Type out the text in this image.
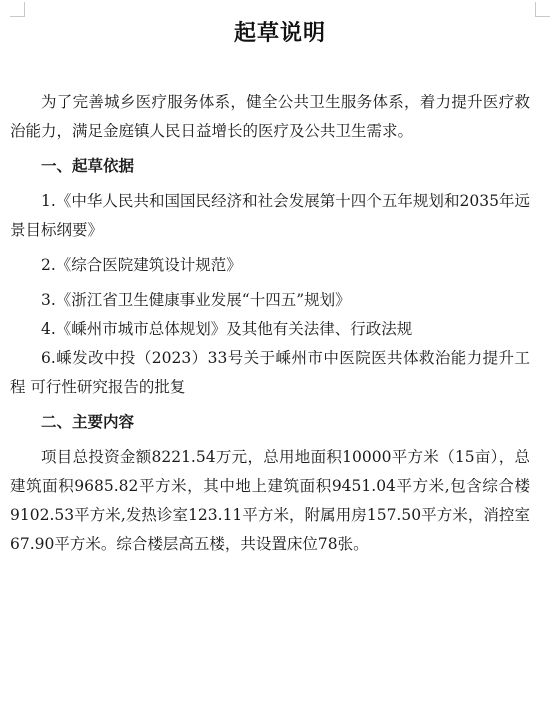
起草说明

为了完善城乡医疗服务体系，健全公共卫生服务体系，着力提升医疗救治能力，满足金庭镇人民日益增长的医疗及公共卫生需求。

一、起草依据

1.《中华人民共和国国民经济和社会发展第十四个五年规划和2035年远景目标纲要》

2.《综合医院建筑设计规范》

3.《浙江省卫生健康事业发展“十四五”规划》

4.《嵊州市城市总体规划》及其他有关法律、行政法规

6.嵊发改中投（2023）33号关于嵊州市中医院医共体救治能力提升工程 可行性研究报告的批复

二、主要内容

项目总投资金额8221.54万元，总用地面积10000平方米（15亩），总建筑面积9685.82平方米，其中地上建筑面积9451.04平方米,包含综合楼9102.53平方米,发热诊室123.11平方米，附属用房157.50平方米，消控室67.90平方米。综合楼层高五楼，共设置床位78张。
